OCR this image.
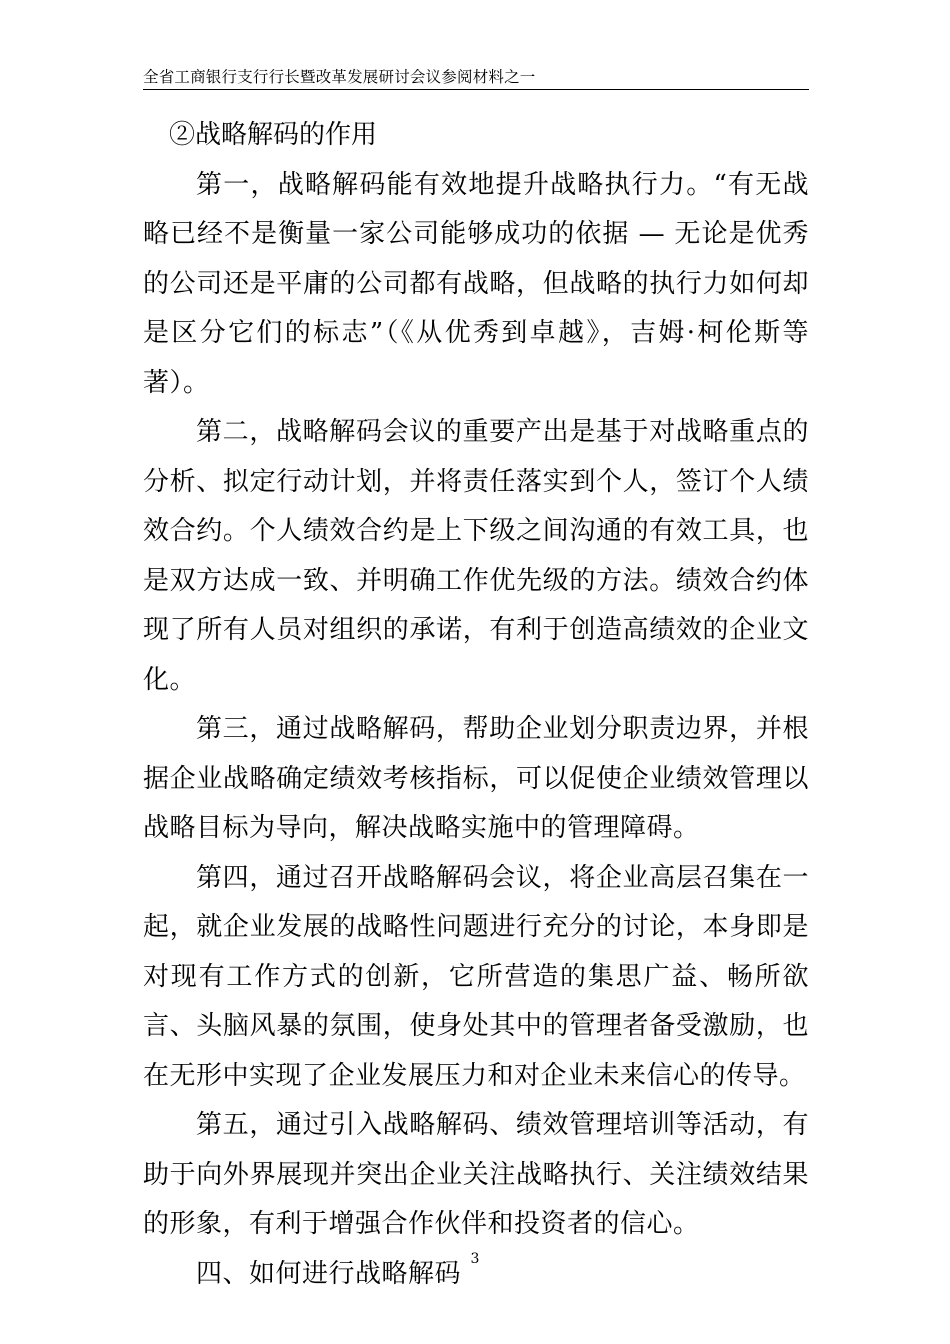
全省工商银行支行行长暨改革发展研讨会议参阅材料之一

②战略解码的作用

第一，战略解码能有效地提升战略执行力。“有无战略已经不是衡量一家公司能够成功的依据 — 无论是优秀的公司还是平庸的公司都有战略，但战略的执行力如何却是区分它们的标志”（《从优秀到卓越》，吉姆·柯伦斯等著）。

第二，战略解码会议的重要产出是基于对战略重点的分析、拟定行动计划，并将责任落实到个人，签订个人绩效合约。个人绩效合约是上下级之间沟通的有效工具，也是双方达成一致、并明确工作优先级的方法。绩效合约体现了所有人员对组织的承诺，有利于创造高绩效的企业文化。

第三，通过战略解码，帮助企业划分职责边界，并根据企业战略确定绩效考核指标，可以促使企业绩效管理以战略目标为导向，解决战略实施中的管理障碍。

第四，通过召开战略解码会议，将企业高层召集在一起，就企业发展的战略性问题进行充分的讨论，本身即是对现有工作方式的创新，它所营造的集思广益、畅所欲言、头脑风暴的氛围，使身处其中的管理者备受激励，也在无形中实现了企业发展压力和对企业未来信心的传导。

第五，通过引入战略解码、绩效管理培训等活动，有助于向外界展现并突出企业关注战略执行、关注绩效结果的形象，有利于增强合作伙伴和投资者的信心。

四、如何进行战略解码 3
